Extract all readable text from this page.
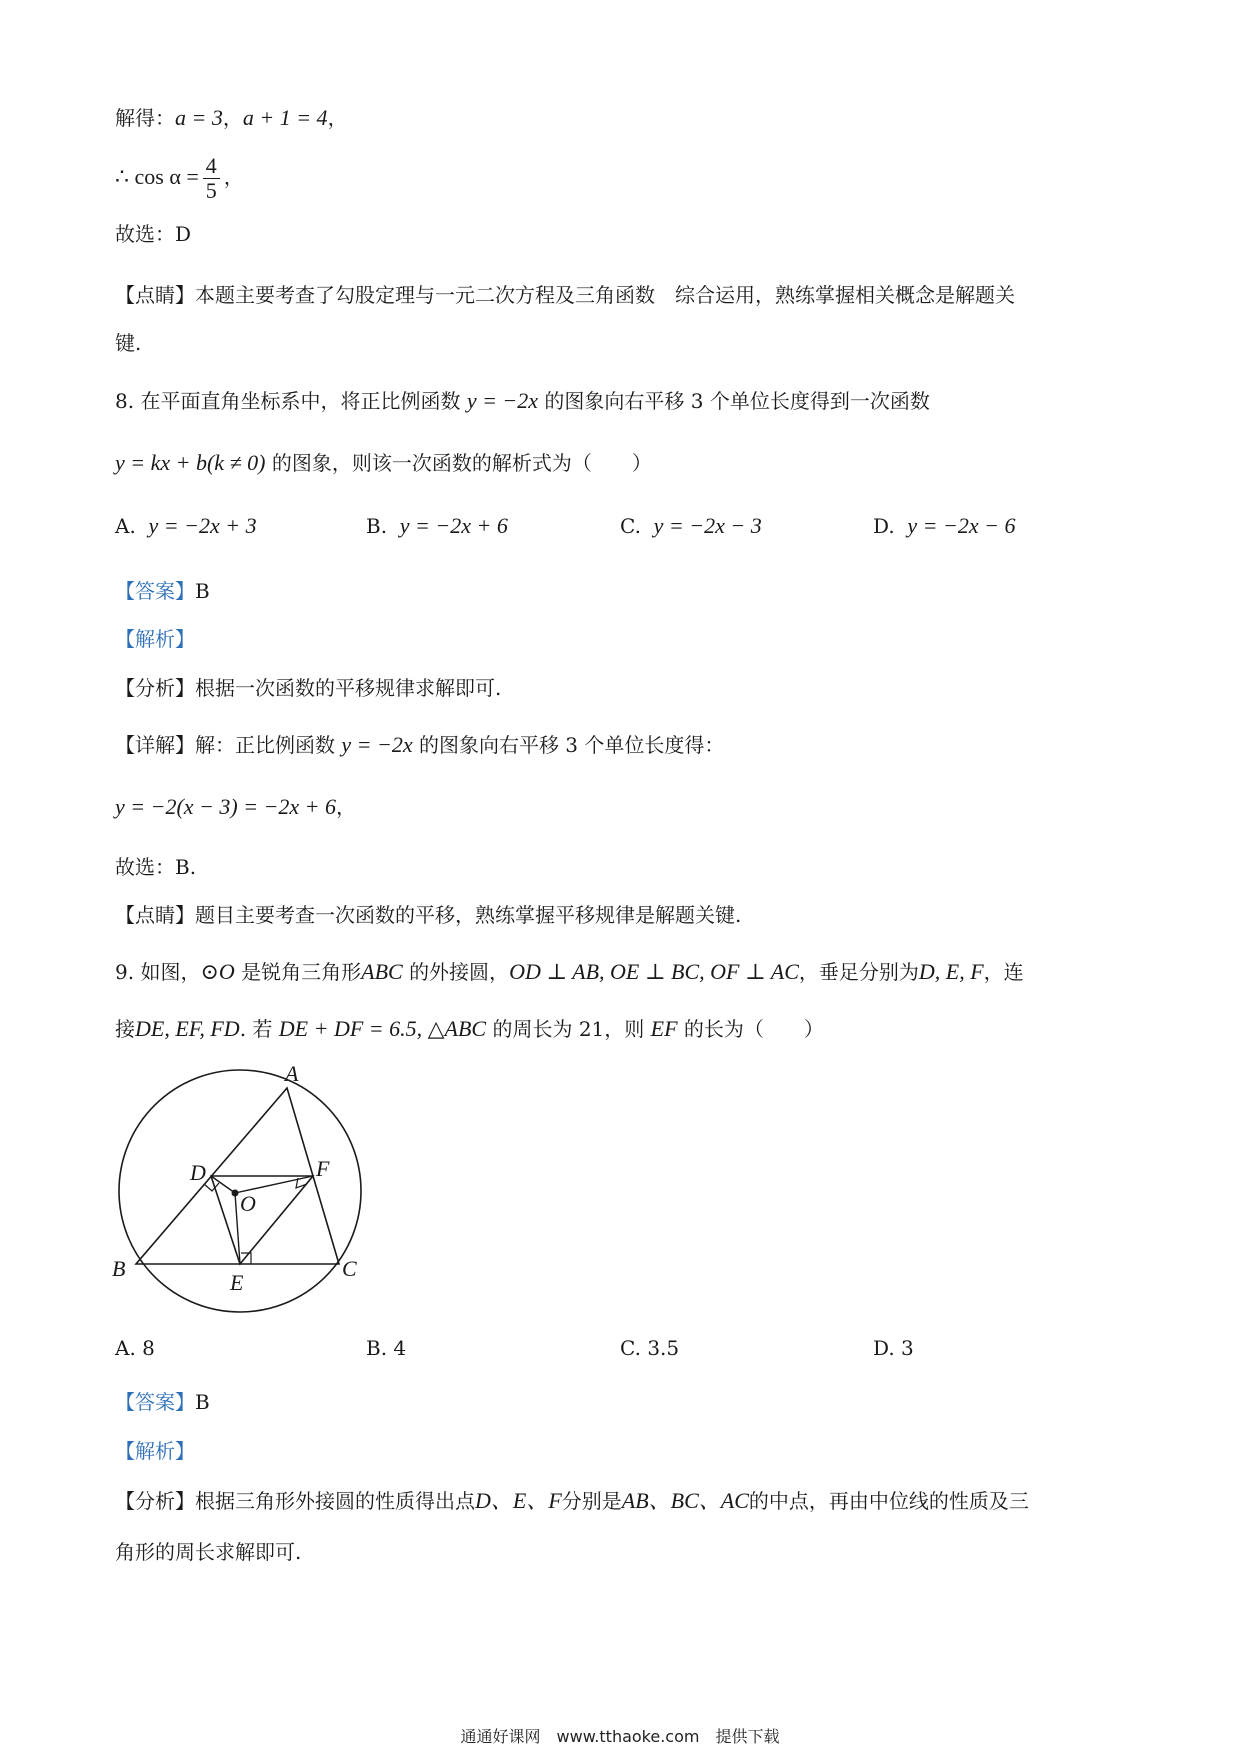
解得：a = 3，a + 1 = 4，
∴ $\cos \alpha = \frac{4}{5}$ ，
故选：D
【点睛】本题主要考查了勾股定理与一元二次方程及三角函数　综合运用，熟练掌握相关概念是解题关
键.
8. 在平面直角坐标系中，将正比例函数 y = −2x 的图象向右平移 3 个单位长度得到一次函数
y = kx + b(k ≠ 0) 的图象，则该一次函数的解析式为（　　）
A. y = −2x + 3	B. y = −2x + 6	C. y = −2x − 3	D. y = −2x − 6
【答案】B
【解析】
【分析】根据一次函数的平移规律求解即可.
【详解】解：正比例函数 y = −2x 的图象向右平移 3 个单位长度得：
y = −2(x − 3) = −2x + 6，
故选：B.
【点睛】题目主要考查一次函数的平移，熟练掌握平移规律是解题关键.
9. 如图，⊙O 是锐角三角形ABC 的外接圆，OD ⊥ AB, OE ⊥ BC, OF ⊥ AC，垂足分别为D, E, F，连
接DE, EF, FD. 若 DE + DF = 6.5, △ABC 的周长为 21，则 EF 的长为（　　）
A
B	C
D
E
F
O
A. 8	B. 4	C. 3.5	D. 3
【答案】B
【解析】
【分析】根据三角形外接圆的性质得出点D、E、F分别是AB、BC、AC的中点，再由中位线的性质及三
角形的周长求解即可.
通通好课网　www.tthaoke.com　提供下载
